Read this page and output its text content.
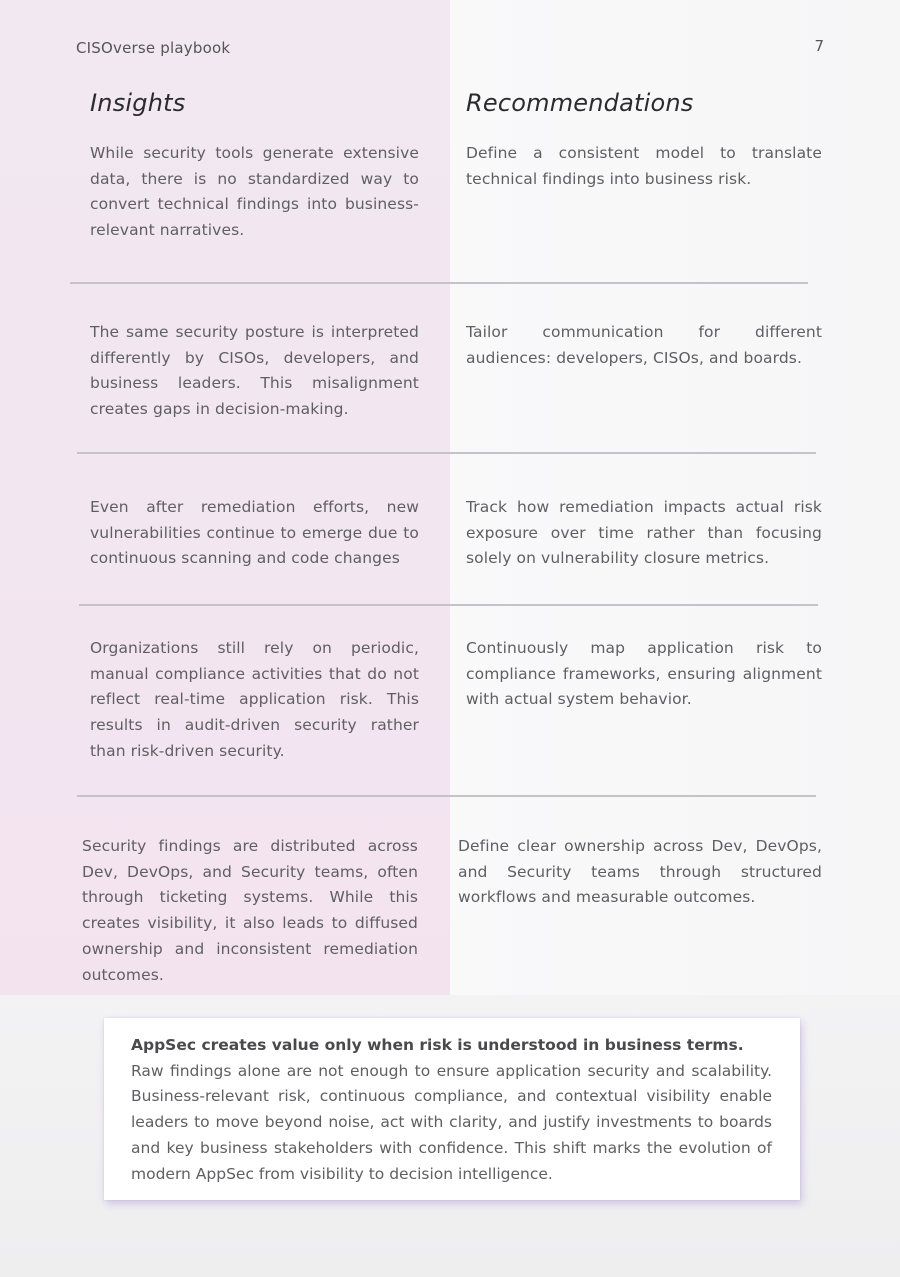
CISOverse playbook	7
Insights	Recommendations
While security tools generate extensive data, there is no standardized way to convert technical findings into business-relevant narratives.
Define a consistent model to translate technical findings into business risk.
The same security posture is interpreted differently by CISOs, developers, and business leaders. This misalignment creates gaps in decision-making.
Tailor communication for different audiences: developers, CISOs, and boards.
Even after remediation efforts, new vulnerabilities continue to emerge due to continuous scanning and code changes
Track how remediation impacts actual risk exposure over time rather than focusing solely on vulnerability closure metrics.
Organizations still rely on periodic, manual compliance activities that do not reflect real-time application risk. This results in audit-driven security rather than risk-driven security.
Continuously map application risk to compliance frameworks, ensuring alignment with actual system behavior.
Security findings are distributed across Dev, DevOps, and Security teams, often through ticketing systems. While this creates visibility, it also leads to diffused ownership and inconsistent remediation outcomes.
Define clear ownership across Dev, DevOps, and Security teams through structured workflows and measurable outcomes.
AppSec creates value only when risk is understood in business terms.
Raw findings alone are not enough to ensure application security and scalability. Business-relevant risk, continuous compliance, and contextual visibility enable leaders to move beyond noise, act with clarity, and justify investments to boards and key business stakeholders with confidence. This shift marks the evolution of modern AppSec from visibility to decision intelligence.
